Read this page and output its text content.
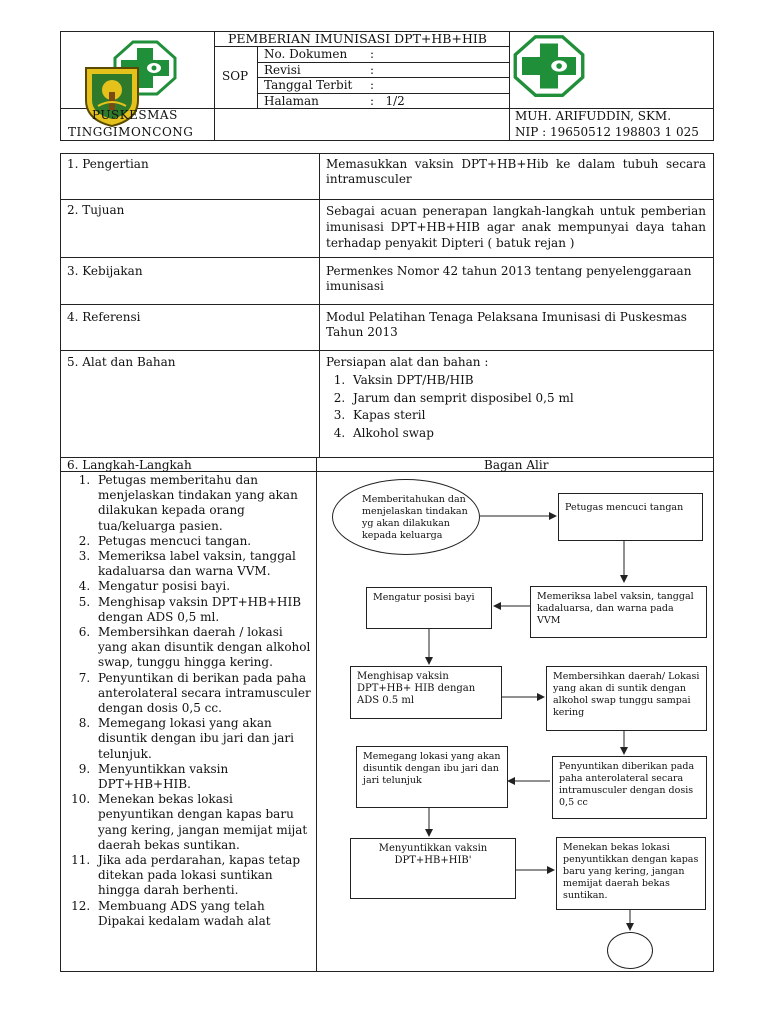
PEMBERIAN IMUNISASI DPT+HB+HIB
SOP
No. Dokumen :
Revisi	:
Tanggal Terbit :
Halaman	:   1/2
PUSKESMAS
TINGGIMONCONG
MUH. ARIFUDDIN, SKM.
NIP : 19650512 198803 1 025
1. Pengertian	Memasukkan vaksin DPT+HB+Hib ke dalam tubuh secara intramusculer
2. Tujuan	Sebagai acuan penerapan langkah-langkah untuk pemberian imunisasi DPT+HB+HIB agar anak mempunyai daya tahan terhadap penyakit Dipteri ( batuk rejan )
3. Kebijakan	Permenkes Nomor 42 tahun 2013 tentang penyelenggaraan imunisasi
4. Referensi	Modul Pelatihan Tenaga Pelaksana Imunisasi di Puskesmas Tahun 2013
5. Alat dan Bahan	Persiapan alat dan bahan :
1. Vaksin DPT/HB/HIB
2. Jarum dan semprit disposibel 0,5 ml
3. Kapas steril
4. Alkohol swap
6. Langkah-Langkah	Bagan Alir
1. Petugas memberitahu dan menjelaskan tindakan yang akan dilakukan kepada orang tua/keluarga pasien.
2. Petugas mencuci tangan.
3. Memeriksa label vaksin, tanggal kadaluarsa dan warna VVM.
4. Mengatur posisi bayi.
5. Menghisap vaksin DPT+HB+HIB dengan ADS 0,5 ml.
6. Membersihkan daerah / lokasi yang akan disuntik dengan alkohol swap, tunggu hingga kering.
7. Penyuntikan di berikan pada paha anterolateral secara intramusculer dengan dosis 0,5 cc.
8. Memegang lokasi yang akan disuntik dengan ibu jari dan jari telunjuk.
9. Menyuntikkan vaksin DPT+HB+HIB.
10. Menekan bekas lokasi penyuntikan dengan kapas baru yang kering, jangan memijat mijat daerah bekas suntikan.
11. Jika ada perdarahan, kapas tetap ditekan pada lokasi suntikan hingga darah berhenti.
12. Membuang ADS yang telah Dipakai kedalam wadah alat
Memberitahukan dan menjelaskan tindakan yg akan dilakukan kepada keluarga
Petugas mencuci tangan
Memeriksa label vaksin, tanggal kadaluarsa, dan warna pada VVM
Mengatur posisi bayi
Menghisap vaksin DPT+HB+ HIB dengan ADS 0.5 ml
Membersihkan daerah/ Lokasi yang akan di suntik dengan alkohol swap tunggu sampai kering
Penyuntikan diberikan pada paha anterolateral secara intramusculer dengan dosis 0,5 cc
Memegang lokasi yang akan disuntik dengan ibu jari dan jari telunjuk
Menyuntikkan vaksin DPT+HB+HIB'
Menekan bekas lokasi penyuntikkan dengan kapas baru yang kering, jangan memijat daerah bekas suntikan.
